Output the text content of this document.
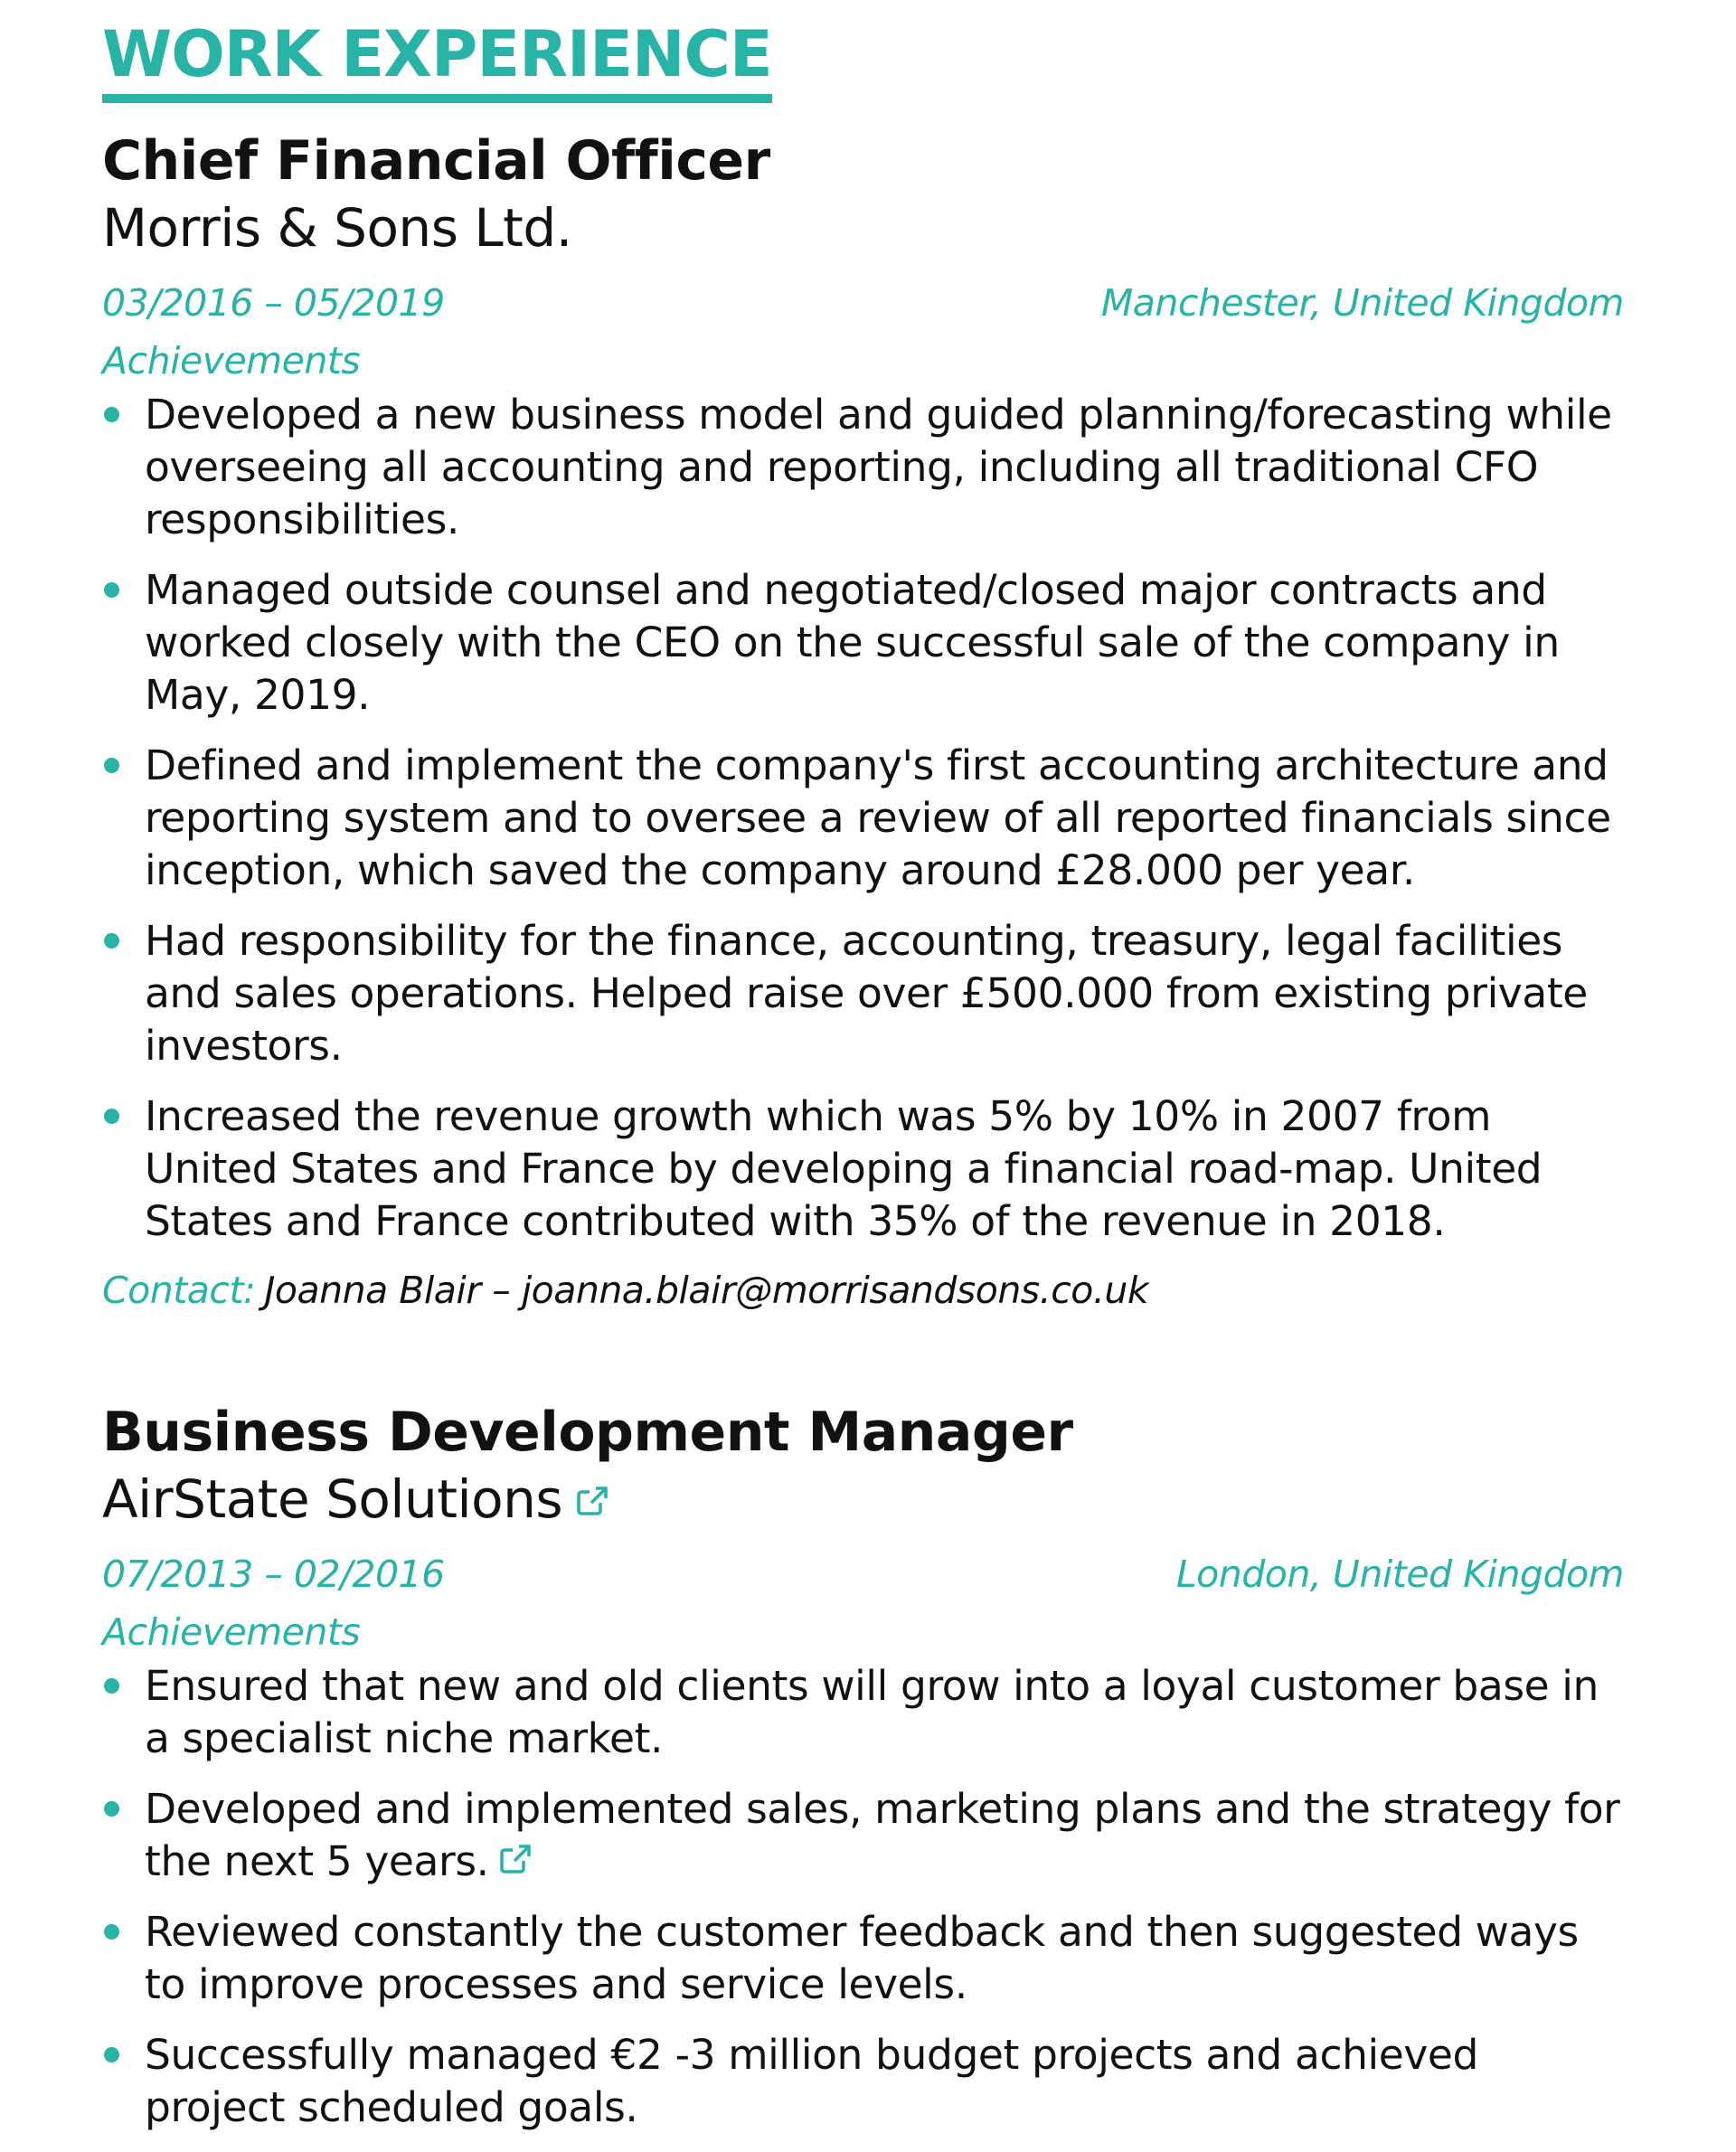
WORK EXPERIENCE
Chief Financial Officer
Morris & Sons Ltd.
03/2016 – 05/2019	Manchester, United Kingdom
Achievements
Developed a new business model and guided planning/forecasting while overseeing all accounting and reporting, including all traditional CFO responsibilities.
Managed outside counsel and negotiated/closed major contracts and worked closely with the CEO on the successful sale of the company in May, 2019.
Defined and implement the company's first accounting architecture and reporting system and to oversee a review of all reported financials since inception, which saved the company around £28.000 per year.
Had responsibility for the finance, accounting, treasury, legal facilities and sales operations. Helped raise over £500.000 from existing private investors.
Increased the revenue growth which was 5% by 10% in 2007 from United States and France by developing a financial road-map. United States and France contributed with 35% of the revenue in 2018.
Contact: Joanna Blair – joanna.blair@morrisandsons.co.uk
Business Development Manager
AirState Solutions
07/2013 – 02/2016	London, United Kingdom
Achievements
Ensured that new and old clients will grow into a loyal customer base in a specialist niche market.
Developed and implemented sales, marketing plans and the strategy for the next 5 years.
Reviewed constantly the customer feedback and then suggested ways to improve processes and service levels.
Successfully managed €2 -3 million budget projects and achieved project scheduled goals.
